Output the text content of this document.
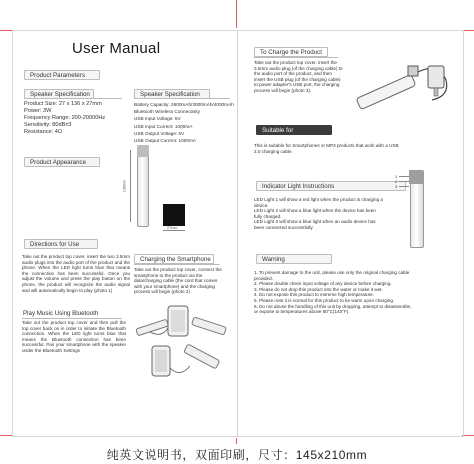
User Manual
Product Parameters
Speaker Specification
Product Size: 27 x 136 x 27mm
Power: 3W
Frequency Range: 200-20000Hz
Sensitivity: 80dB±3
Resistance: 4Ω
Speaker Specification
Battery Capacity: 2600mAh/3000mAh/4000mAh
Bluetooth Wireless Connectivity
USB Input Voltage: 5V
USB Input Current: 1000mA
USB Output Voltage: 5V
USB Output Current: 1000mA
Product Appearance
136mm
27mm
Directions for Use
Take out the product top cover, insert the two 3.5mm audio plugs into the audio port of the product and the phone. When the LED light turns blue that means the connection has been successful. Once you adjust the volume and press the play button on the phone, the product will recognize the audio signal and will automatically begin to play (photo 1)
Play Music Using Bluetooth
Take out the product top cover and then pull the top cover back on in order to initiate the Bluetooth connection. When the LED light turns blue that means the Bluetooth connection has been successful. Pair your smartphone with the speaker under the Bluetooth Settings
Charging the Smartphone
Take out the product top cover, connect the smartphone to the product via the data/charging cable (the cord that comes with your smartphone) and the charging process will begin (photo 2)
To Charge the Product
Take out the product top cover, insert the 3.5mm audio plug (of the charging cable) to the audio port of the product, and then insert the USB plug (of the charging cable) to power adapter's USB port, the charging process will begin (photo 3).
Suitable for
This is suitable for Smartphones or MP3 products that work with a USB 2.0 charging cable.
Indicator Light Instructions
LED Light 1 will show a red light when the product is charging a device.
LED Light 2 will show a blue light when the device has been fully charged.
LED Light 3 will show a blue light when an audio device has been connected successfully.
1
2
3
Warning
1. To prevent damage to the unit, please use only the original charging cable provided.
2. Please double check input voltage of any device before charging.
3. Please do not drop this product into the water or make it wet.
4. Do not expose this product to extreme high temperature.
5. Please note it is normal for this product to be warm upon charging.
6. Do not abuse the handling of this unit by dropping, attempt to disassemble, or expose to temperatures above 60°C(140°F).
纯英文说明书，双面印刷，尺寸：145x210mm
